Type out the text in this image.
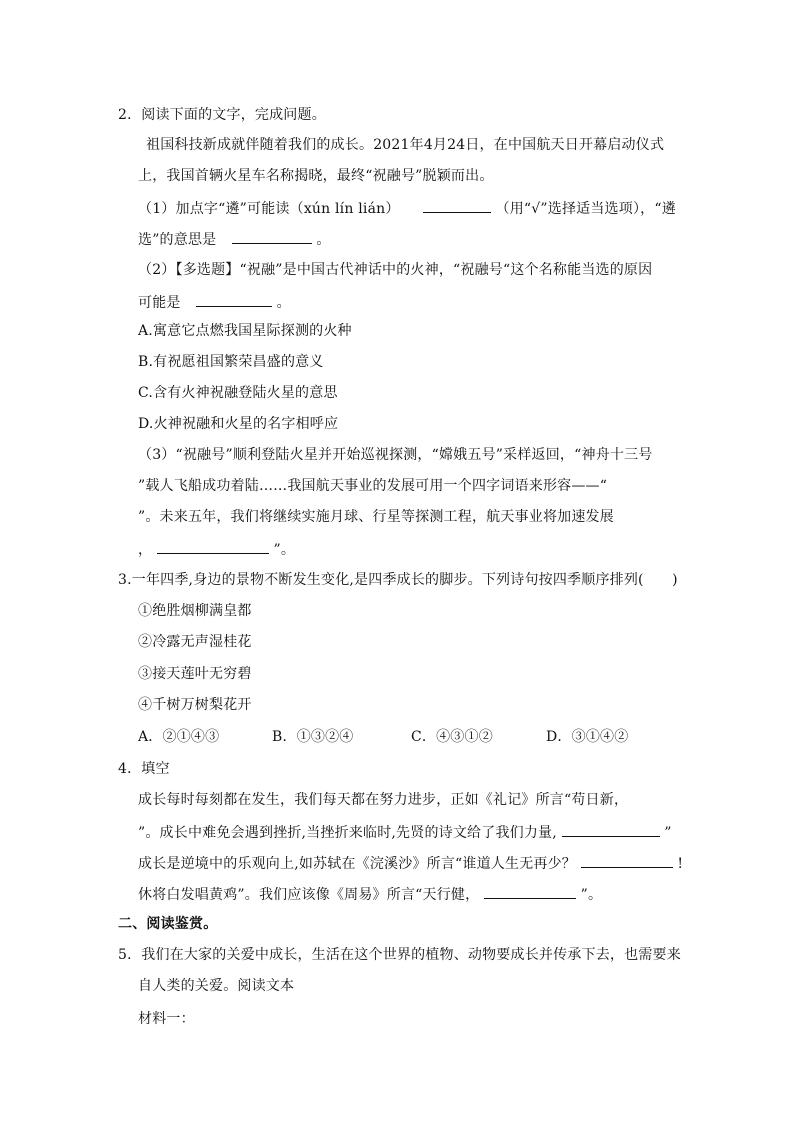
2．阅读下面的文字，完成问题。
祖国科技新成就伴随着我们的成长。2021年4月24日，在中国航天日开幕启动仪式
上，我国首辆火星车名称揭晓，最终“祝融号”脱颖而出。
（1）加点字“遴”可能读（xún lín lián）	（用“√”选择适当选项），“遴
选”的意思是	。
（2）【多选题】“祝融”是中国古代神话中的火神，“祝融号“这个名称能当选的原因
可能是	。
A.寓意它点燃我国星际探测的火种
B.有祝愿祖国繁荣昌盛的意义
C.含有火神祝融登陆火星的意思
D.火神祝融和火星的名字相呼应
（3）“祝融号”顺利登陆火星并开始巡视探测，“嫦娥五号”采样返回，“神舟十三号
”载人飞船成功着陆……我国航天事业的发展可用一个四字词语来形容——“
”。未来五年，我们将继续实施月球、行星等探测工程，航天事业将加速发展
，	”。
3.一年四季,身边的景物不断发生变化,是四季成长的脚步。下列诗句按四季顺序排列(　　)
①绝胜烟柳满皇都
②冷露无声湿桂花
③接天莲叶无穷碧
④千树万树梨花开
A．②①④③	B．①③②④	C．④③①②	D．③①④②
4．填空
成长每时每刻都在发生，我们每天都在努力进步，正如《礼记》所言“苟日新，
”。成长中难免会遇到挫折,当挫折来临时,先贤的诗文给了我们力量,	”
成长是逆境中的乐观向上,如苏轼在《浣溪沙》所言“谁道人生无再少？	!
休将白发唱黄鸡”。我们应该像《周易》所言“天行健，	”。
二、阅读鉴赏。
5．我们在大家的关爱中成长，生活在这个世界的植物、动物要成长并传承下去，也需要来
自人类的关爱。阅读文本
材料一：
